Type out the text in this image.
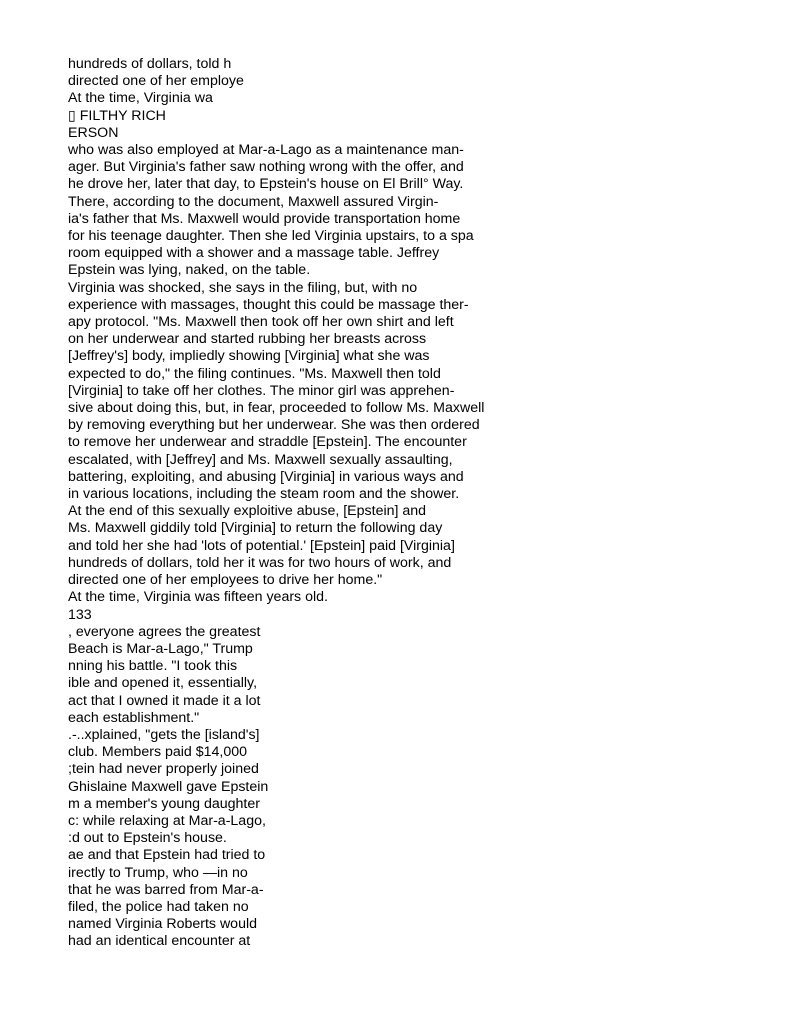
hundreds of dollars, told h
directed one of her employe
At the time, Virginia wa
▯ FILTHY RICH
ERSON
who was also employed at Mar-a-Lago as a maintenance man-
ager. But Virginia's father saw nothing wrong with the offer, and
he drove her, later that day, to Epstein's house on El Brill° Way.
There, according to the document, Maxwell assured Virgin-
ia's father that Ms. Maxwell would provide transportation home
for his teenage daughter. Then she led Virginia upstairs, to a spa
room equipped with a shower and a massage table. Jeffrey
Epstein was lying, naked, on the table.
Virginia was shocked, she says in the filing, but, with no
experience with massages, thought this could be massage ther-
apy protocol. "Ms. Maxwell then took off her own shirt and left
on her underwear and started rubbing her breasts across
[Jeffrey's] body, impliedly showing [Virginia] what she was
expected to do," the filing continues. "Ms. Maxwell then told
[Virginia] to take off her clothes. The minor girl was apprehen-
sive about doing this, but, in fear, proceeded to follow Ms. Maxwell
by removing everything but her underwear. She was then ordered
to remove her underwear and straddle [Epstein]. The encounter
escalated, with [Jeffrey] and Ms. Maxwell sexually assaulting,
battering, exploiting, and abusing [Virginia] in various ways and
in various locations, including the steam room and the shower.
At the end of this sexually exploitive abuse, [Epstein] and
Ms. Maxwell giddily told [Virginia] to return the following day
and told her she had 'lots of potential.' [Epstein] paid [Virginia]
hundreds of dollars, told her it was for two hours of work, and
directed one of her employees to drive her home."
At the time, Virginia was fifteen years old.
133
, everyone agrees the greatest
Beach is Mar-a-Lago," Trump
nning his battle. "I took this
ible and opened it, essentially,
act that I owned it made it a lot
each establishment."
.-..xplained, "gets the [island's]
club. Members paid $14,000
;tein had never properly joined
Ghislaine Maxwell gave Epstein
m a member's young daughter
c: while relaxing at Mar-a-Lago,
:d out to Epstein's house.
ae and that Epstein had tried to
irectly to Trump, who —in no
that he was barred from Mar-a-
filed, the police had taken no
named Virginia Roberts would
had an identical encounter at
